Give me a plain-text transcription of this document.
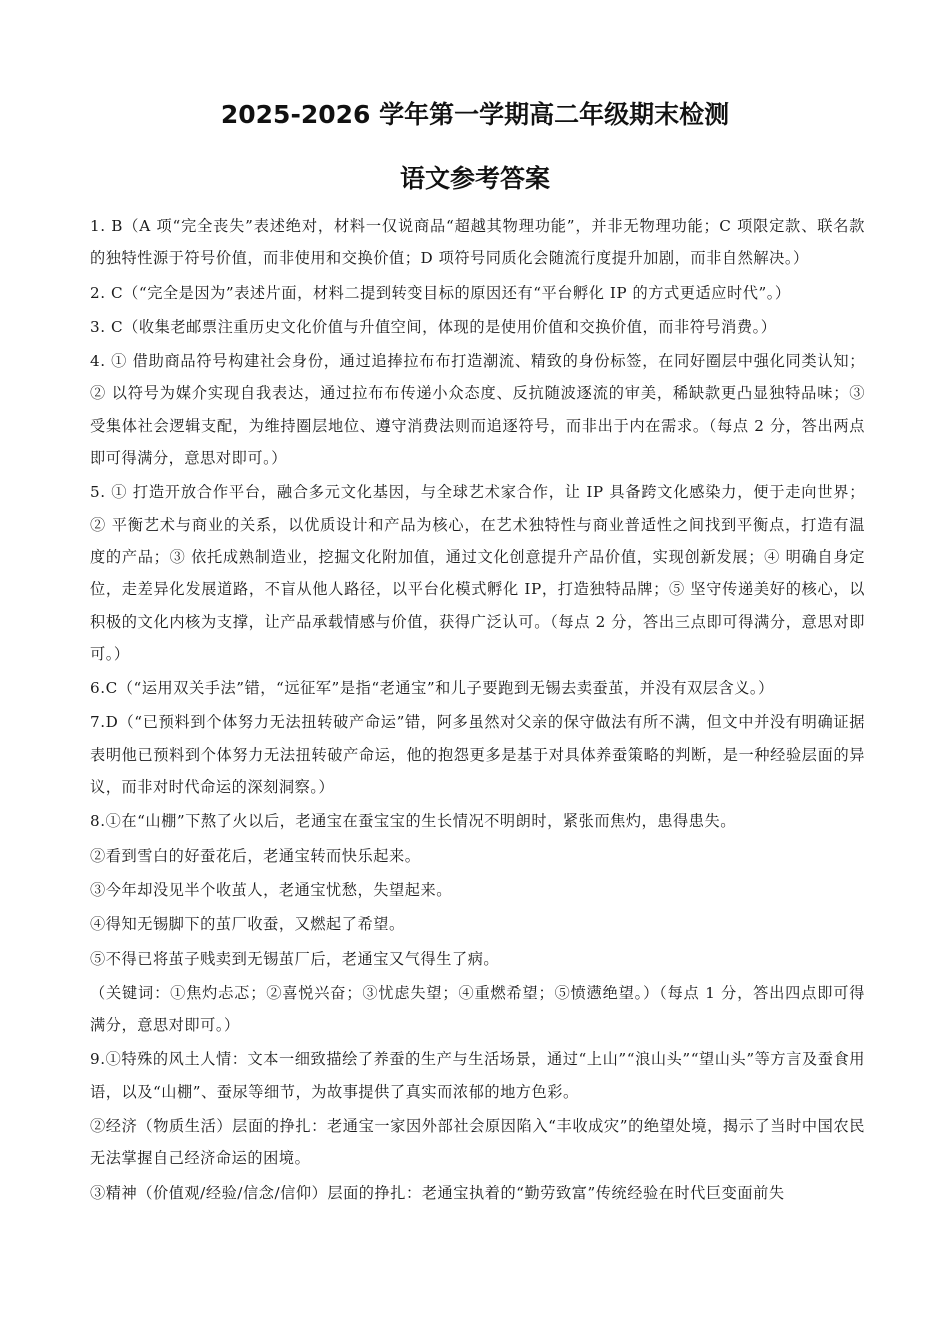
2025-2026 学年第一学期高二年级期末检测
语文参考答案

1. B（A 项“完全丧失”表述绝对，材料一仅说商品“超越其物理功能”，并非无物理功能；C 项限定款、联名款的独特性源于符号价值，而非使用和交换价值；D 项符号同质化会随流行度提升加剧，而非自然解决。）

2. C（“完全是因为”表述片面，材料二提到转变目标的原因还有“平台孵化 IP 的方式更适应时代”。）

3. C（收集老邮票注重历史文化价值与升值空间，体现的是使用价值和交换价值，而非符号消费。）

4. ① 借助商品符号构建社会身份，通过追捧拉布布打造潮流、精致的身份标签，在同好圈层中强化同类认知；② 以符号为媒介实现自我表达，通过拉布布传递小众态度、反抗随波逐流的审美，稀缺款更凸显独特品味；③ 受集体社会逻辑支配，为维持圈层地位、遵守消费法则而追逐符号，而非出于内在需求。（每点 2 分，答出两点即可得满分，意思对即可。）

5. ① 打造开放合作平台，融合多元文化基因，与全球艺术家合作，让 IP 具备跨文化感染力，便于走向世界；② 平衡艺术与商业的关系，以优质设计和产品为核心，在艺术独特性与商业普适性之间找到平衡点，打造有温度的产品；③ 依托成熟制造业，挖掘文化附加值，通过文化创意提升产品价值，实现创新发展；④ 明确自身定位，走差异化发展道路，不盲从他人路径，以平台化模式孵化 IP，打造独特品牌；⑤ 坚守传递美好的核心，以积极的文化内核为支撑，让产品承载情感与价值，获得广泛认可。（每点 2 分，答出三点即可得满分，意思对即可。）

6.C（“运用双关手法”错，“远征军”是指“老通宝”和儿子要跑到无锡去卖蚕茧，并没有双层含义。）

7.D（“已预料到个体努力无法扭转破产命运”错，阿多虽然对父亲的保守做法有所不满，但文中并没有明确证据表明他已预料到个体努力无法扭转破产命运，他的抱怨更多是基于对具体养蚕策略的判断，是一种经验层面的异议，而非对时代命运的深刻洞察。）

8.①在“山棚”下熬了火以后，老通宝在蚕宝宝的生长情况不明朗时，紧张而焦灼，患得患失。

②看到雪白的好蚕花后，老通宝转而快乐起来。

③今年却没见半个收茧人，老通宝忧愁，失望起来。

④得知无锡脚下的茧厂收蚕，又燃起了希望。

⑤不得已将茧子贱卖到无锡茧厂后，老通宝又气得生了病。

（关键词：①焦灼忐忑；②喜悦兴奋；③忧虑失望；④重燃希望；⑤愤懑绝望。）（每点 1 分，答出四点即可得满分，意思对即可。）

9.①特殊的风土人情：文本一细致描绘了养蚕的生产与生活场景，通过“上山”“浪山头”“望山头”等方言及蚕食用语，以及“山棚”、蚕尿等细节，为故事提供了真实而浓郁的地方色彩。

②经济（物质生活）层面的挣扎：老通宝一家因外部社会原因陷入“丰收成灾”的绝望处境，揭示了当时中国农民无法掌握自己经济命运的困境。

③精神（价值观/经验/信念/信仰）层面的挣扎：老通宝执着的“勤劳致富”传统经验在时代巨变面前失
